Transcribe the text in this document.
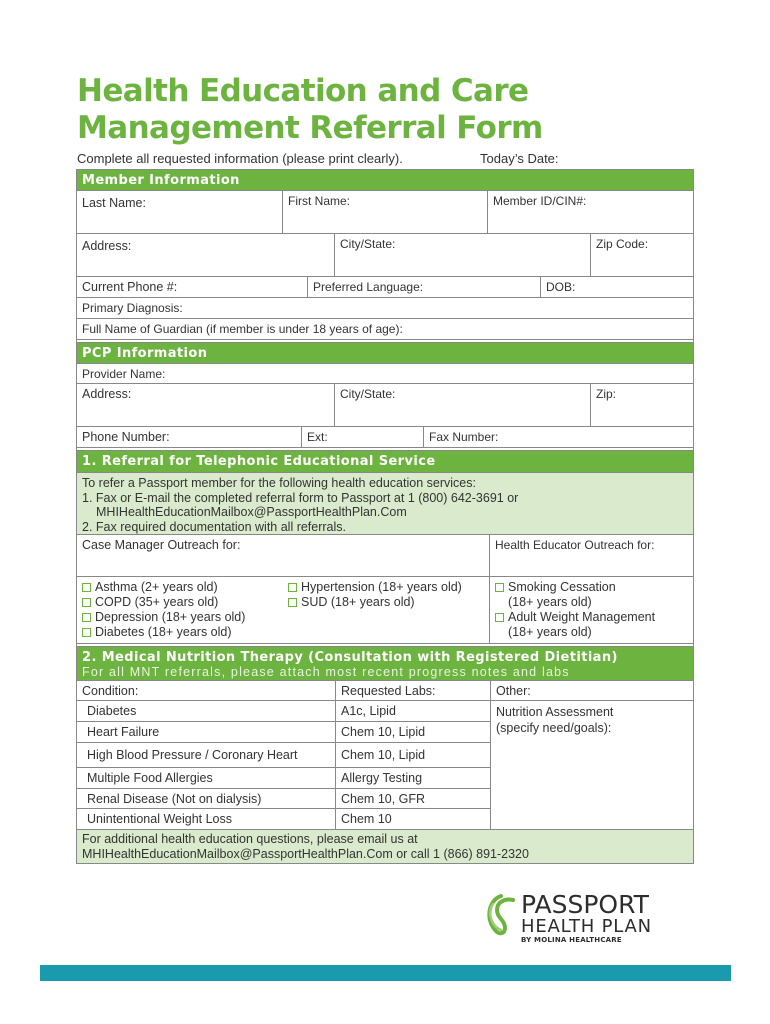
Health Education and Care
Management Referral Form
Complete all requested information (please print clearly).	Today’s Date:
Member Information
Last Name:	First Name:	Member ID/CIN#:
Address:	City/State:	Zip Code:
Current Phone #:	Preferred Language:	DOB:
Primary Diagnosis:
Full Name of Guardian (if member is under 18 years of age):
PCP Information
Provider Name:
Address:	City/State:	Zip:
Phone Number:	Ext:	Fax Number:
1. Referral for Telephonic Educational Service
To refer a Passport member for the following health education services:
1. Fax or E-mail the completed referral form to Passport at 1 (800) 642-3691 or
MHIHealthEducationMailbox@PassportHealthPlan.Com
2. Fax required documentation with all referrals.
Case Manager Outreach for:	Health Educator Outreach for:
Asthma (2+ years old)
COPD (35+ years old)
Depression (18+ years old)
Diabetes (18+ years old)
Hypertension (18+ years old)
SUD (18+ years old)
Smoking Cessation
(18+ years old)
Adult Weight Management
(18+ years old)
2. Medical Nutrition Therapy (Consultation with Registered Dietitian)
For all MNT referrals, please attach most recent progress notes and labs
Condition:	Requested Labs:
Diabetes	A1c, Lipid
Heart Failure	Chem 10, Lipid
High Blood Pressure / Coronary Heart	Chem 10, Lipid
Multiple Food Allergies	Allergy Testing
Renal Disease (Not on dialysis)	Chem 10, GFR
Unintentional Weight Loss	Chem 10
Other:
Nutrition Assessment
(specify need/goals):
For additional health education questions, please email us at
MHIHealthEducationMailbox@PassportHealthPlan.Com or call 1 (866) 891-2320
PASSPORT
HEALTH PLAN
BY MOLINA HEALTHCARE
